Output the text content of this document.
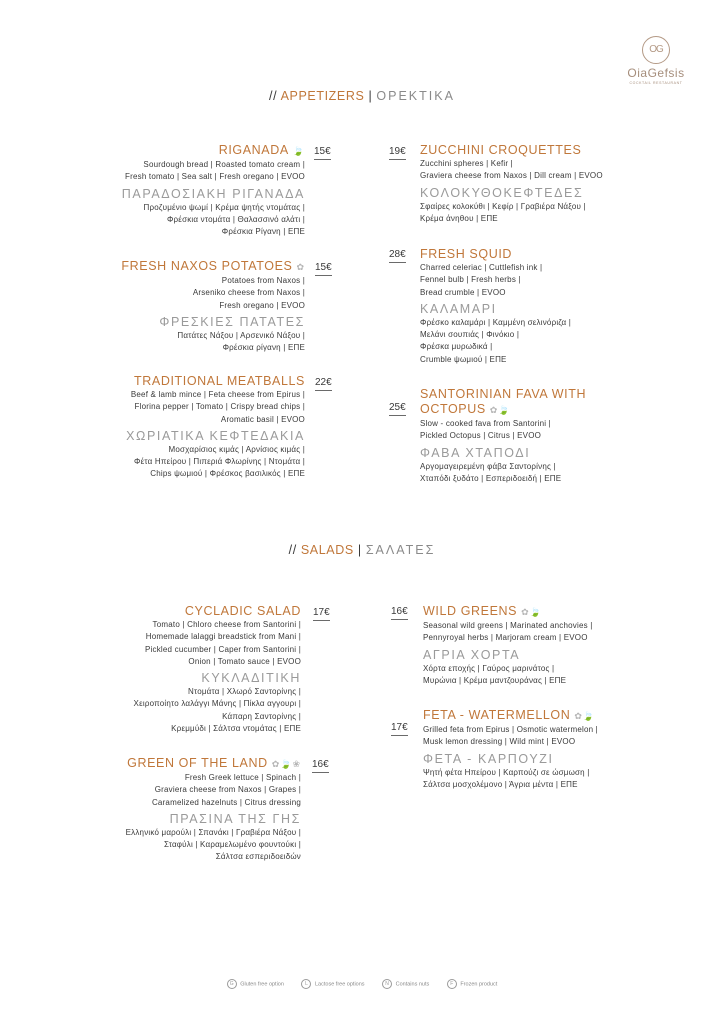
OG
OiaGefsis
COCKTAIL RESTAURANT
// APPETIZERS | ΟΡΕΚΤΙΚΑ
RIGANADA 🍃
Sourdough bread | Roasted tomato cream |
Fresh tomato | Sea salt | Fresh oregano | EVOO
ΠΑΡΑΔΟΣΙΑΚΗ ΡΙΓΑΝΑΔΑ
Προζυμένιο ψωμί | Κρέμα ψητής ντομάτας |
Φρέσκια ντομάτα | Θαλασσινό αλάτι |
Φρέσκια Ρίγανη | ΕΠΕ
15€
FRESH NAXOS POTATOES ✿
Potatoes from Naxos |
Arseniko cheese from Naxos |
Fresh oregano | EVOO
ΦΡΕΣΚΙΕΣ ΠΑΤΑΤΕΣ
Πατάτες Νάξου | Αρσενικό Νάξου |
Φρέσκια ρίγανη | ΕΠΕ
15€
TRADITIONAL MEATBALLS
Beef & lamb mince | Feta cheese from Epirus |
Florina pepper | Tomato | Crispy bread chips |
Aromatic basil | EVOO
ΧΩΡΙΑΤΙΚΑ ΚΕΦΤΕΔΑΚΙΑ
Μοσχαρίσιος κιμάς | Αρνίσιος κιμάς |
Φέτα Ηπείρου | Πιπεριά Φλωρίνης | Ντομάτα |
Chips ψωμιού | Φρέσκος βασιλικός | ΕΠΕ
22€
19€ ZUCCHINI CROQUETTES
Zucchini spheres | Kefir |
Graviera cheese from Naxos | Dill cream | EVOO
ΚΟΛΟΚΥΘΟΚΕΦΤΕΔΕΣ
Σφαίρες κολοκύθι | Κεφίρ | Γραβιέρα Νάξου |
Κρέμα άνηθου | ΕΠΕ
28€ FRESH SQUID
Charred celeriac | Cuttlefish ink |
Fennel bulb | Fresh herbs |
Bread crumble | EVOO
ΚΑΛΑΜΑΡΙ
Φρέσκο καλαμάρι | Καμμένη σελινόριζα |
Μελάνι σουπιάς | Φινόκιο |
Φρέσκα μυρωδικά |
Crumble ψωμιού | ΕΠΕ
25€
SANTORINIAN FAVA WITH
OCTOPUS ✿🍃
Slow - cooked fava from Santorini |
Pickled Octopus | Citrus | EVOO
ΦΑΒΑ ΧΤΑΠΟΔΙ
Αργομαγειρεμένη φάβα Σαντορίνης |
Χταπόδι ξυδάτο | Εσπεριδοειδή | ΕΠΕ
// SALADS | ΣΑΛΑΤΕΣ
CYCLADIC SALAD
Tomato | Chloro cheese from Santorini |
Homemade lalaggi breadstick from Mani |
Pickled cucumber | Caper from Santorini |
Onion | Tomato sauce | EVOO
ΚΥΚΛΑΔΙΤΙΚΗ
Ντομάτα | Χλωρό Σαντορίνης |
Χειροποίητο λαλάγγι Μάνης | Πίκλα αγγουρι |
Κάπαρη Σαντορίνης |
Κρεμμύδι | Σάλτσα ντομάτας | ΕΠΕ
17€
GREEN OF THE LAND ✿🍃❀
Fresh Greek lettuce | Spinach |
Graviera cheese from Naxos | Grapes |
Caramelized hazelnuts | Citrus dressing
ΠΡΑΣΙΝΑ ΤΗΣ ΓΗΣ
Ελληνικό μαρούλι | Σπανάκι | Γραβιέρα Νάξου |
Σταφύλι | Καραμελωμένο φουντούκι |
Σάλτσα εσπεριδοειδών
16€
16€ WILD GREENS ✿🍃
Seasonal wild greens | Marinated anchovies |
Pennyroyal herbs | Marjoram cream | EVOO
ΑΓΡΙΑ ΧΟΡΤΑ
Χόρτα εποχής | Γαύρος μαρινάτος |
Μυρώνια | Κρέμα μαντζουράνας | ΕΠΕ
17€
FETA - WATERMELLON ✿🍃
Grilled feta from Epirus | Osmotic watermelon |
Musk lemon dressing | Wild mint | EVOO
ΦΕΤΑ - ΚΑΡΠΟΥΖΙ
Ψητή φέτα Ηπείρου | Καρπούζι σε ώσμωση |
Σάλτσα μοσχολέμονο | Άγρια μέντα | ΕΠΕ
G Gluten free option	L Lactose free options	N Contains nuts	F Frozen product
